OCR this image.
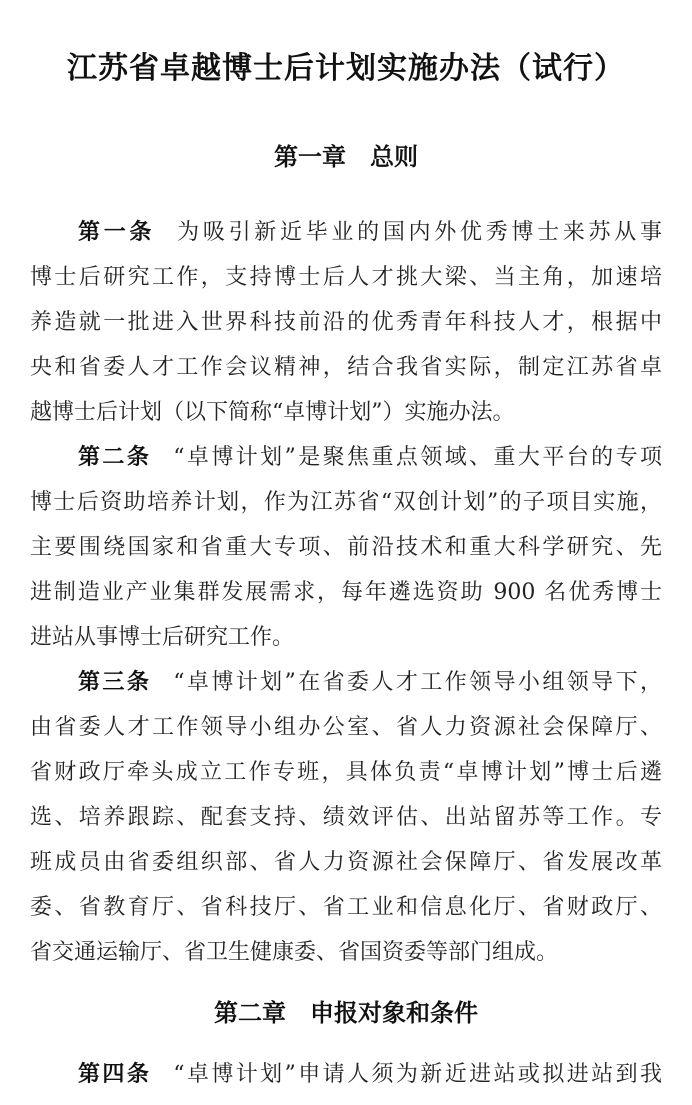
江苏省卓越博士后计划实施办法（试行）
第一章　总则
第二章　申报对象和条件
第一条 为吸引新近毕业的国内外优秀博士来苏从事
博士后研究工作，支持博士后人才挑大梁、当主角，加速培
养造就一批进入世界科技前沿的优秀青年科技人才，根据中
央和省委人才工作会议精神，结合我省实际，制定江苏省卓
越博士后计划（以下简称“卓博计划”）实施办法。
第二条 “卓博计划”是聚焦重点领域、重大平台的专项
博士后资助培养计划，作为江苏省“双创计划”的子项目实施，
主要围绕国家和省重大专项、前沿技术和重大科学研究、先
进制造业产业集群发展需求，每年遴选资助 900 名优秀博士
进站从事博士后研究工作。
第三条 “卓博计划”在省委人才工作领导小组领导下，
由省委人才工作领导小组办公室、省人力资源社会保障厅、
省财政厅牵头成立工作专班，具体负责“卓博计划”博士后遴
选、培养跟踪、配套支持、绩效评估、出站留苏等工作。专
班成员由省委组织部、省人力资源社会保障厅、省发展改革
委、省教育厅、省科技厅、省工业和信息化厅、省财政厅、
省交通运输厅、省卫生健康委、省国资委等部门组成。
第四条 “卓博计划”申请人须为新近进站或拟进站到我
